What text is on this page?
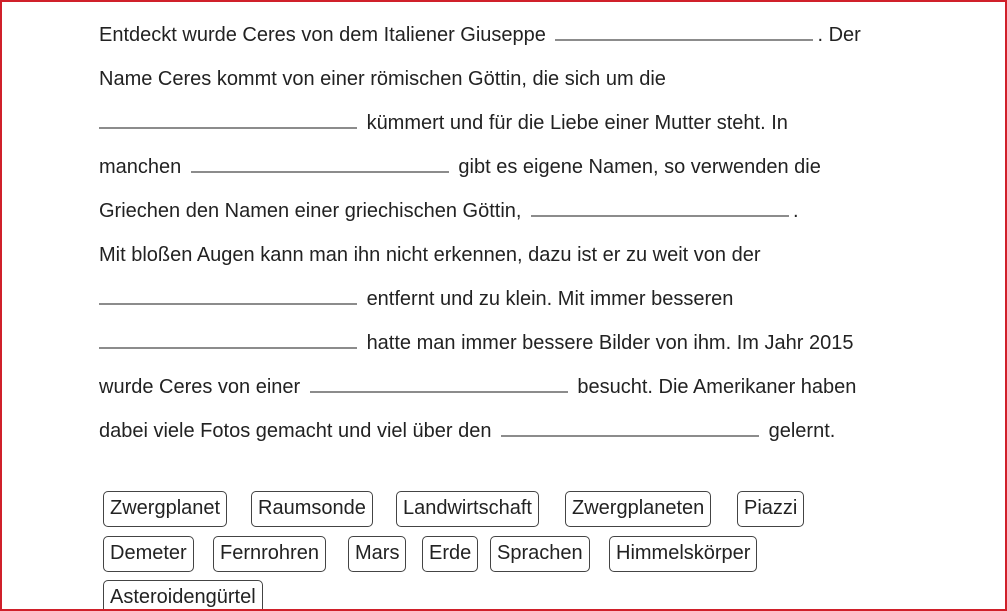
Entdeckt wurde Ceres von dem Italiener Giuseppe	. Der
Name Ceres kommt von einer römischen Göttin, die sich um die
kümmert und für die Liebe einer Mutter steht. In
manchen	gibt es eigene Namen, so verwenden die
Griechen den Namen einer griechischen Göttin,	.
Mit bloßen Augen kann man ihn nicht erkennen, dazu ist er zu weit von der
entfernt und zu klein. Mit immer besseren
hatte man immer bessere Bilder von ihm. Im Jahr 2015
wurde Ceres von einer	besucht. Die Amerikaner haben
dabei viele Fotos gemacht und viel über den	gelernt.
Zwergplanet	Raumsonde	Landwirtschaft	Zwergplaneten	Piazzi
Demeter	Fernrohren	Mars	Erde	Sprachen	Himmelskörper
Asteroidengürtel
